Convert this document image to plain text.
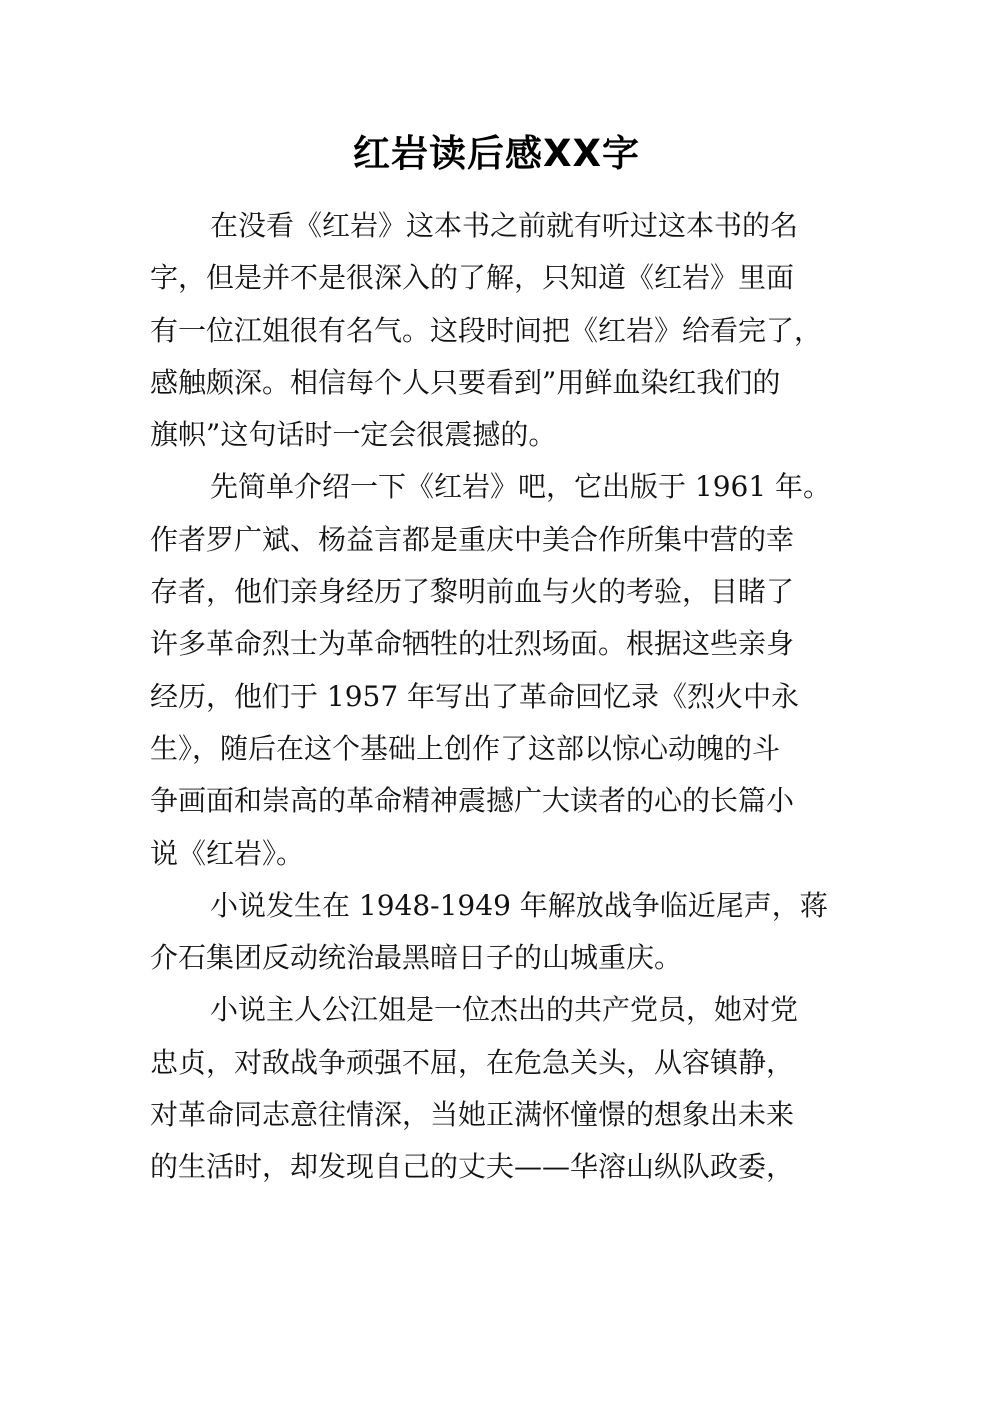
红岩读后感XX字
在没看《红岩》这本书之前就有听过这本书的名
字，但是并不是很深入的了解，只知道《红岩》里面
有一位江姐很有名气。这段时间把《红岩》给看完了，
感触颇深。相信每个人只要看到”用鲜血染红我们的
旗帜”这句话时一定会很震撼的。
先简单介绍一下《红岩》吧，它出版于 1961 年。
作者罗广斌、杨益言都是重庆中美合作所集中营的幸
存者，他们亲身经历了黎明前血与火的考验，目睹了
许多革命烈士为革命牺牲的壮烈场面。根据这些亲身
经历，他们于 1957 年写出了革命回忆录《烈火中永
生》，随后在这个基础上创作了这部以惊心动魄的斗
争画面和崇高的革命精神震撼广大读者的心的长篇小
说《红岩》。
小说发生在 1948-1949 年解放战争临近尾声，蒋
介石集团反动统治最黑暗日子的山城重庆。
小说主人公江姐是一位杰出的共产党员，她对党
忠贞，对敌战争顽强不屈，在危急关头，从容镇静，
对革命同志意往情深，当她正满怀憧憬的想象出未来
的生活时，却发现自己的丈夫——华溶山纵队政委，
